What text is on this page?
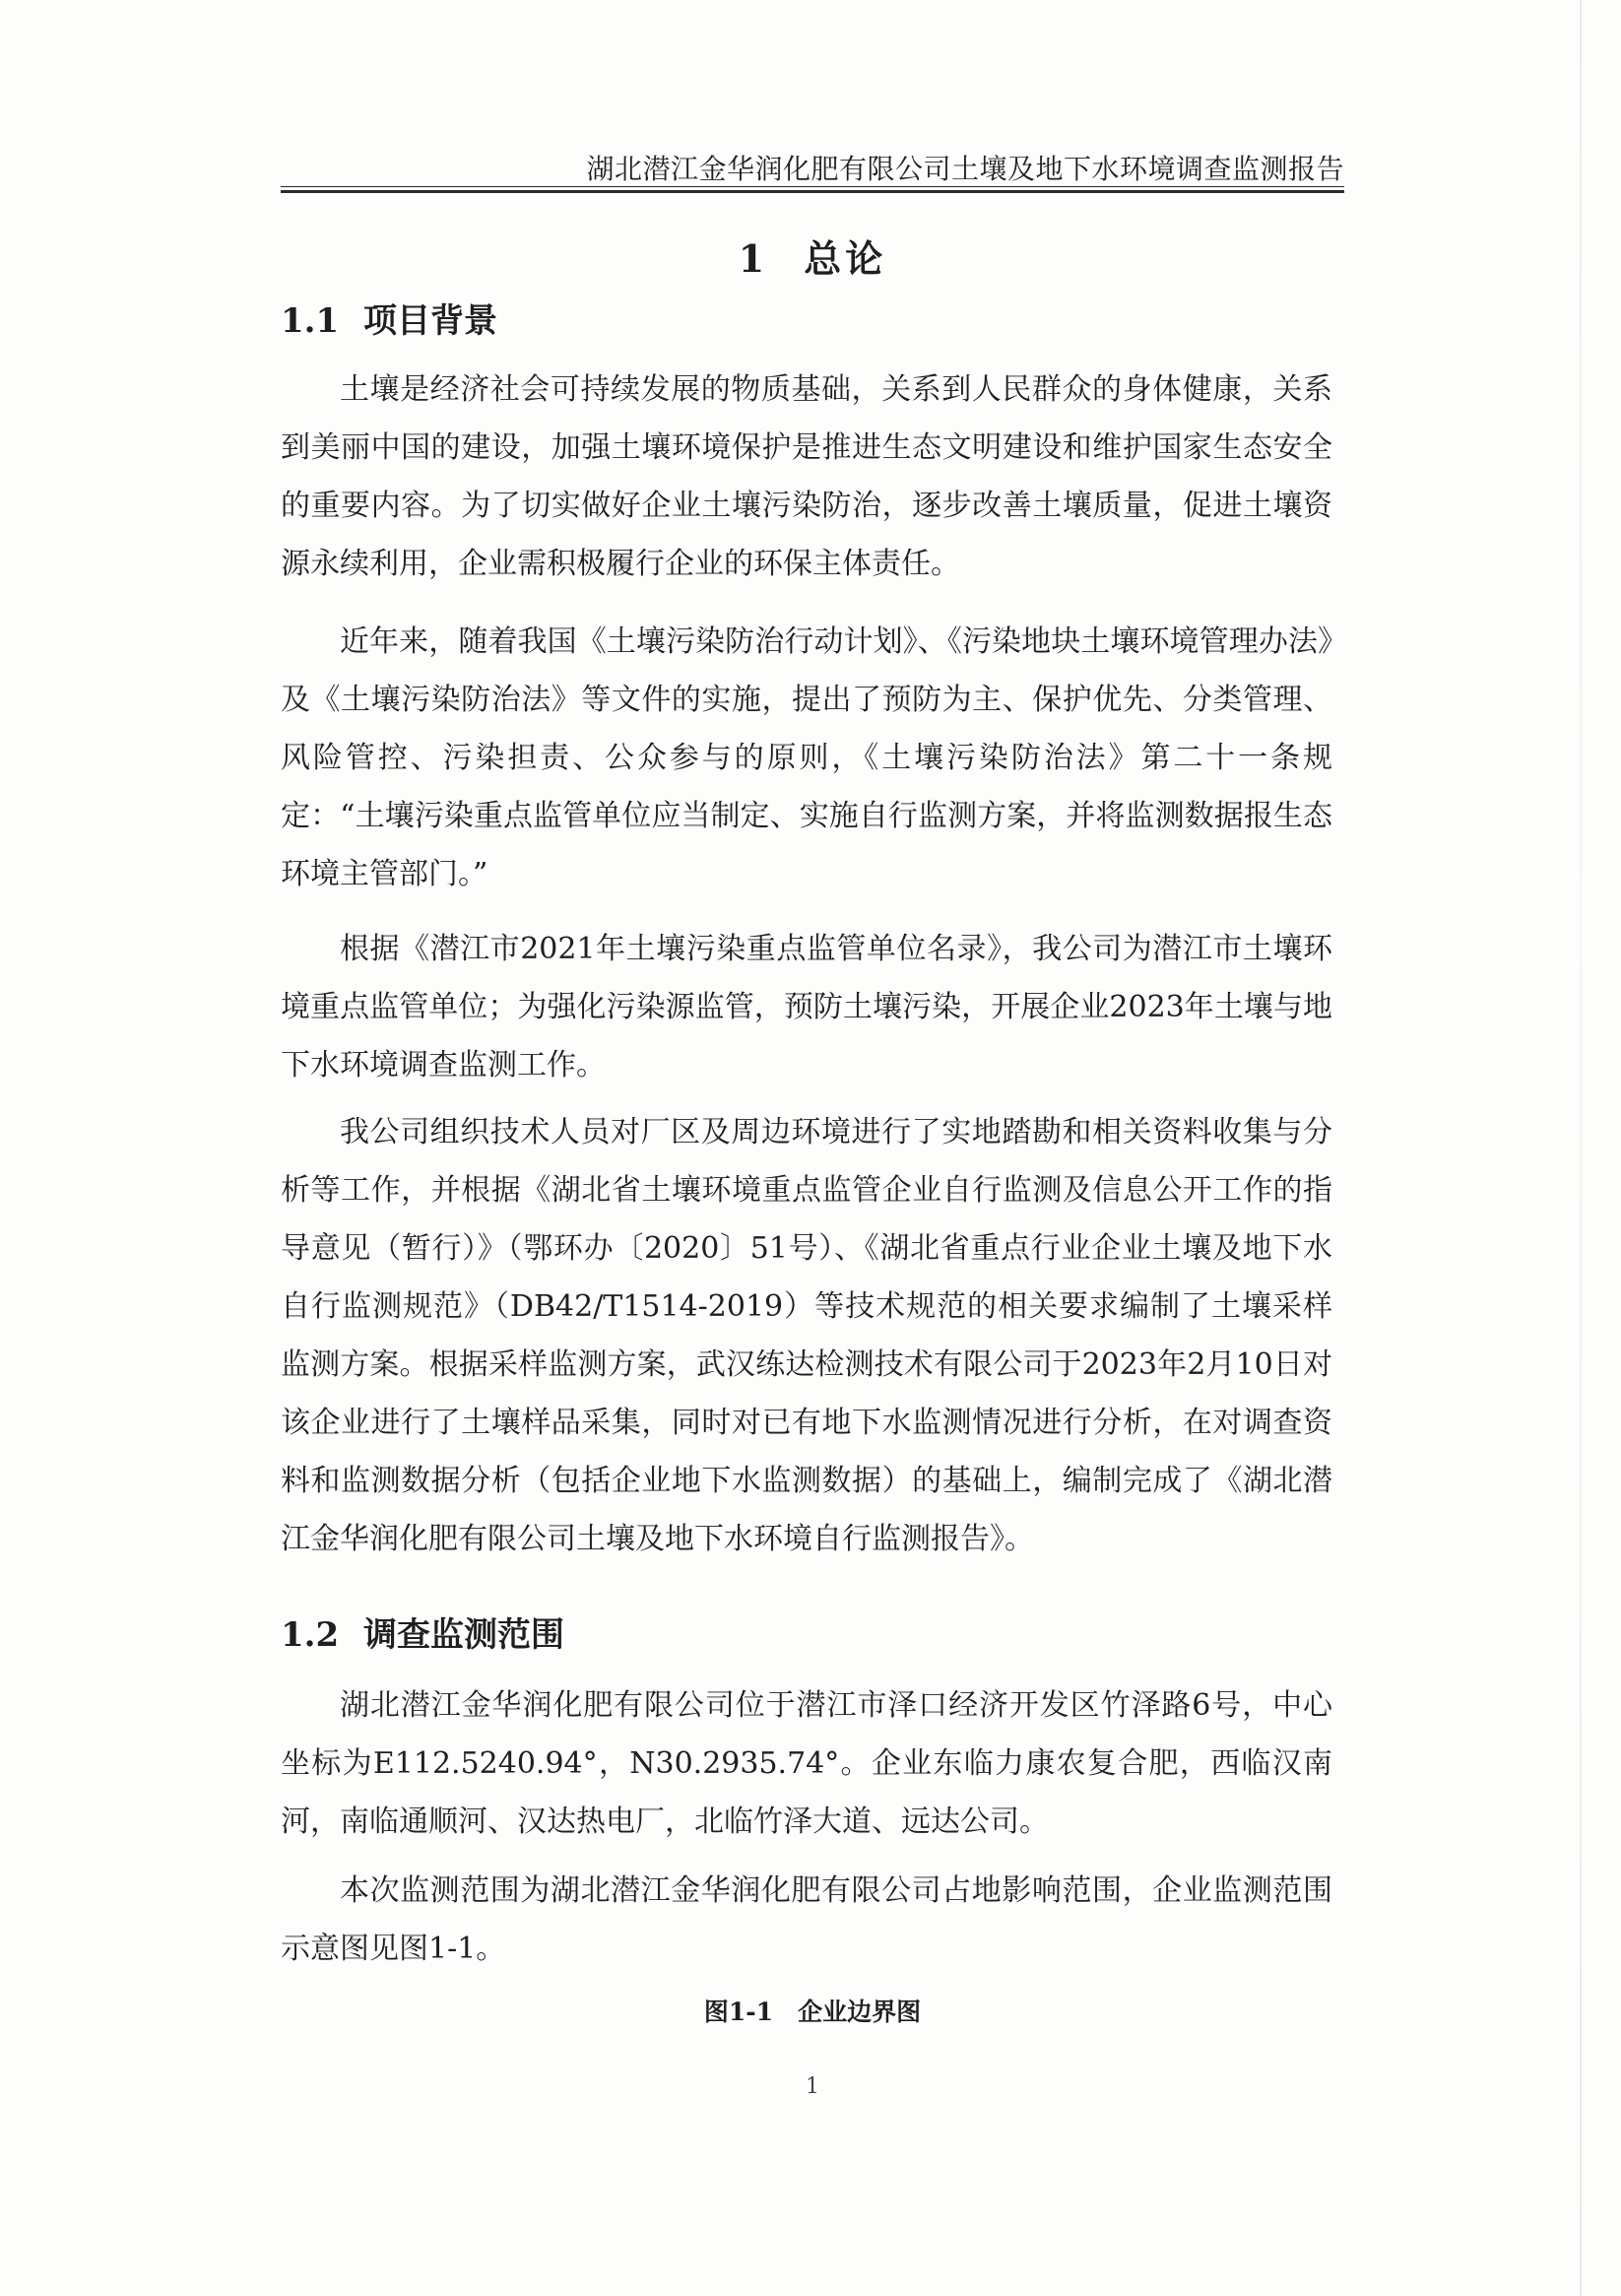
湖北潜江金华润化肥有限公司土壤及地下水环境调查监测报告
1 总论
1.1 项目背景

土壤是经济社会可持续发展的物质基础，关系到人民群众的身体健康，关系到美丽中国的建设，加强土壤环境保护是推进生态文明建设和维护国家生态安全的重要内容。为了切实做好企业土壤污染防治，逐步改善土壤质量，促进土壤资源永续利用，企业需积极履行企业的环保主体责任。

近年来，随着我国《土壤污染防治行动计划》、《污染地块土壤环境管理办法》及《土壤污染防治法》等文件的实施，提出了预防为主、保护优先、分类管理、风险管控、污染担责、公众参与的原则，《土壤污染防治法》第二十一条规定：“土壤污染重点监管单位应当制定、实施自行监测方案，并将监测数据报生态环境主管部门。”

根据《潜江市2021年土壤污染重点监管单位名录》，我公司为潜江市土壤环境重点监管单位；为强化污染源监管，预防土壤污染，开展企业2023年土壤与地下水环境调查监测工作。

我公司组织技术人员对厂区及周边环境进行了实地踏勘和相关资料收集与分析等工作，并根据《湖北省土壤环境重点监管企业自行监测及信息公开工作的指导意见（暂行）》（鄂环办〔2020〕51号）、《湖北省重点行业企业土壤及地下水自行监测规范》（DB42/T1514-2019）等技术规范的相关要求编制了土壤采样监测方案。根据采样监测方案，武汉练达检测技术有限公司于2023年2月10日对该企业进行了土壤样品采集，同时对已有地下水监测情况进行分析，在对调查资料和监测数据分析（包括企业地下水监测数据）的基础上，编制完成了《湖北潜江金华润化肥有限公司土壤及地下水环境自行监测报告》。

1.2 调查监测范围

湖北潜江金华润化肥有限公司位于潜江市泽口经济开发区竹泽路6号，中心坐标为E112.5240.94°，N30.2935.74°。企业东临力康农复合肥，西临汉南河，南临通顺河、汉达热电厂，北临竹泽大道、远达公司。

本次监测范围为湖北潜江金华润化肥有限公司占地影响范围，企业监测范围示意图见图1-1。

图1-1　企业边界图
1
